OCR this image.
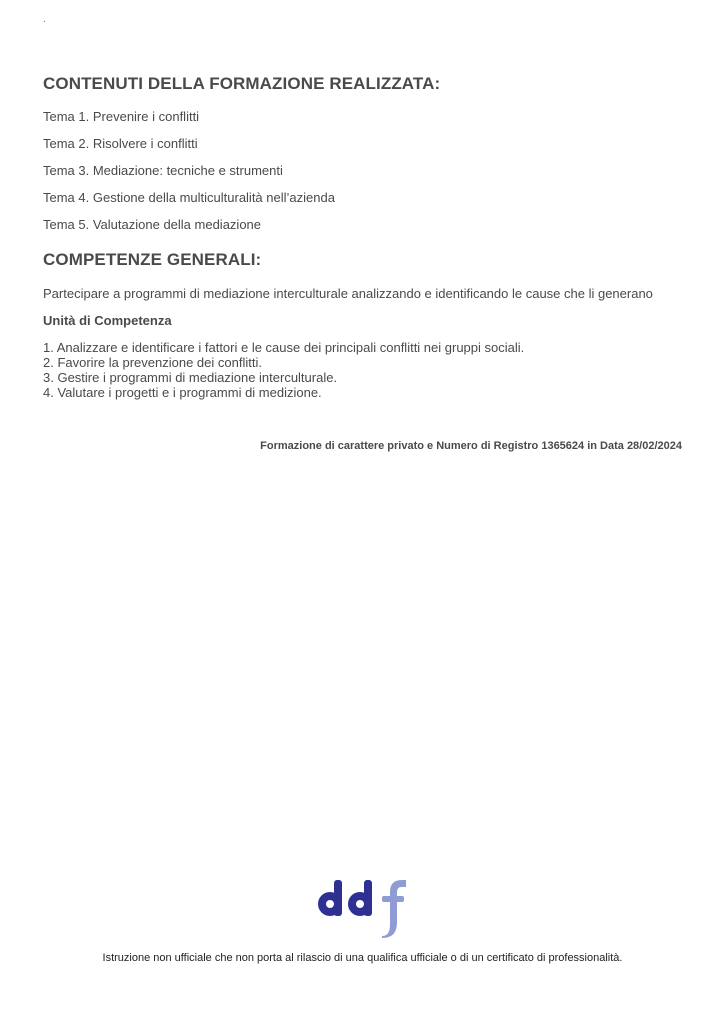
.
CONTENUTI DELLA FORMAZIONE REALIZZATA:
Tema 1. Prevenire i conflitti
Tema 2. Risolvere i conflitti
Tema 3. Mediazione: tecniche e strumenti
Tema 4. Gestione della multiculturalità nell’azienda
Tema 5. Valutazione della mediazione
COMPETENZE GENERALI:
Partecipare a programmi di mediazione interculturale analizzando e identificando le cause che li generano
Unità di Competenza
1. Analizzare e identificare i fattori e le cause dei principali conflitti nei gruppi sociali.
2. Favorire la prevenzione dei conflitti.
3. Gestire i programmi di mediazione interculturale.
4. Valutare i progetti e i programmi di medizione.
Formazione di carattere privato e Numero di Registro 1365624 in Data 28/02/2024
Istruzione non ufficiale che non porta al rilascio di una qualifica ufficiale o di un certificato di professionalità.
